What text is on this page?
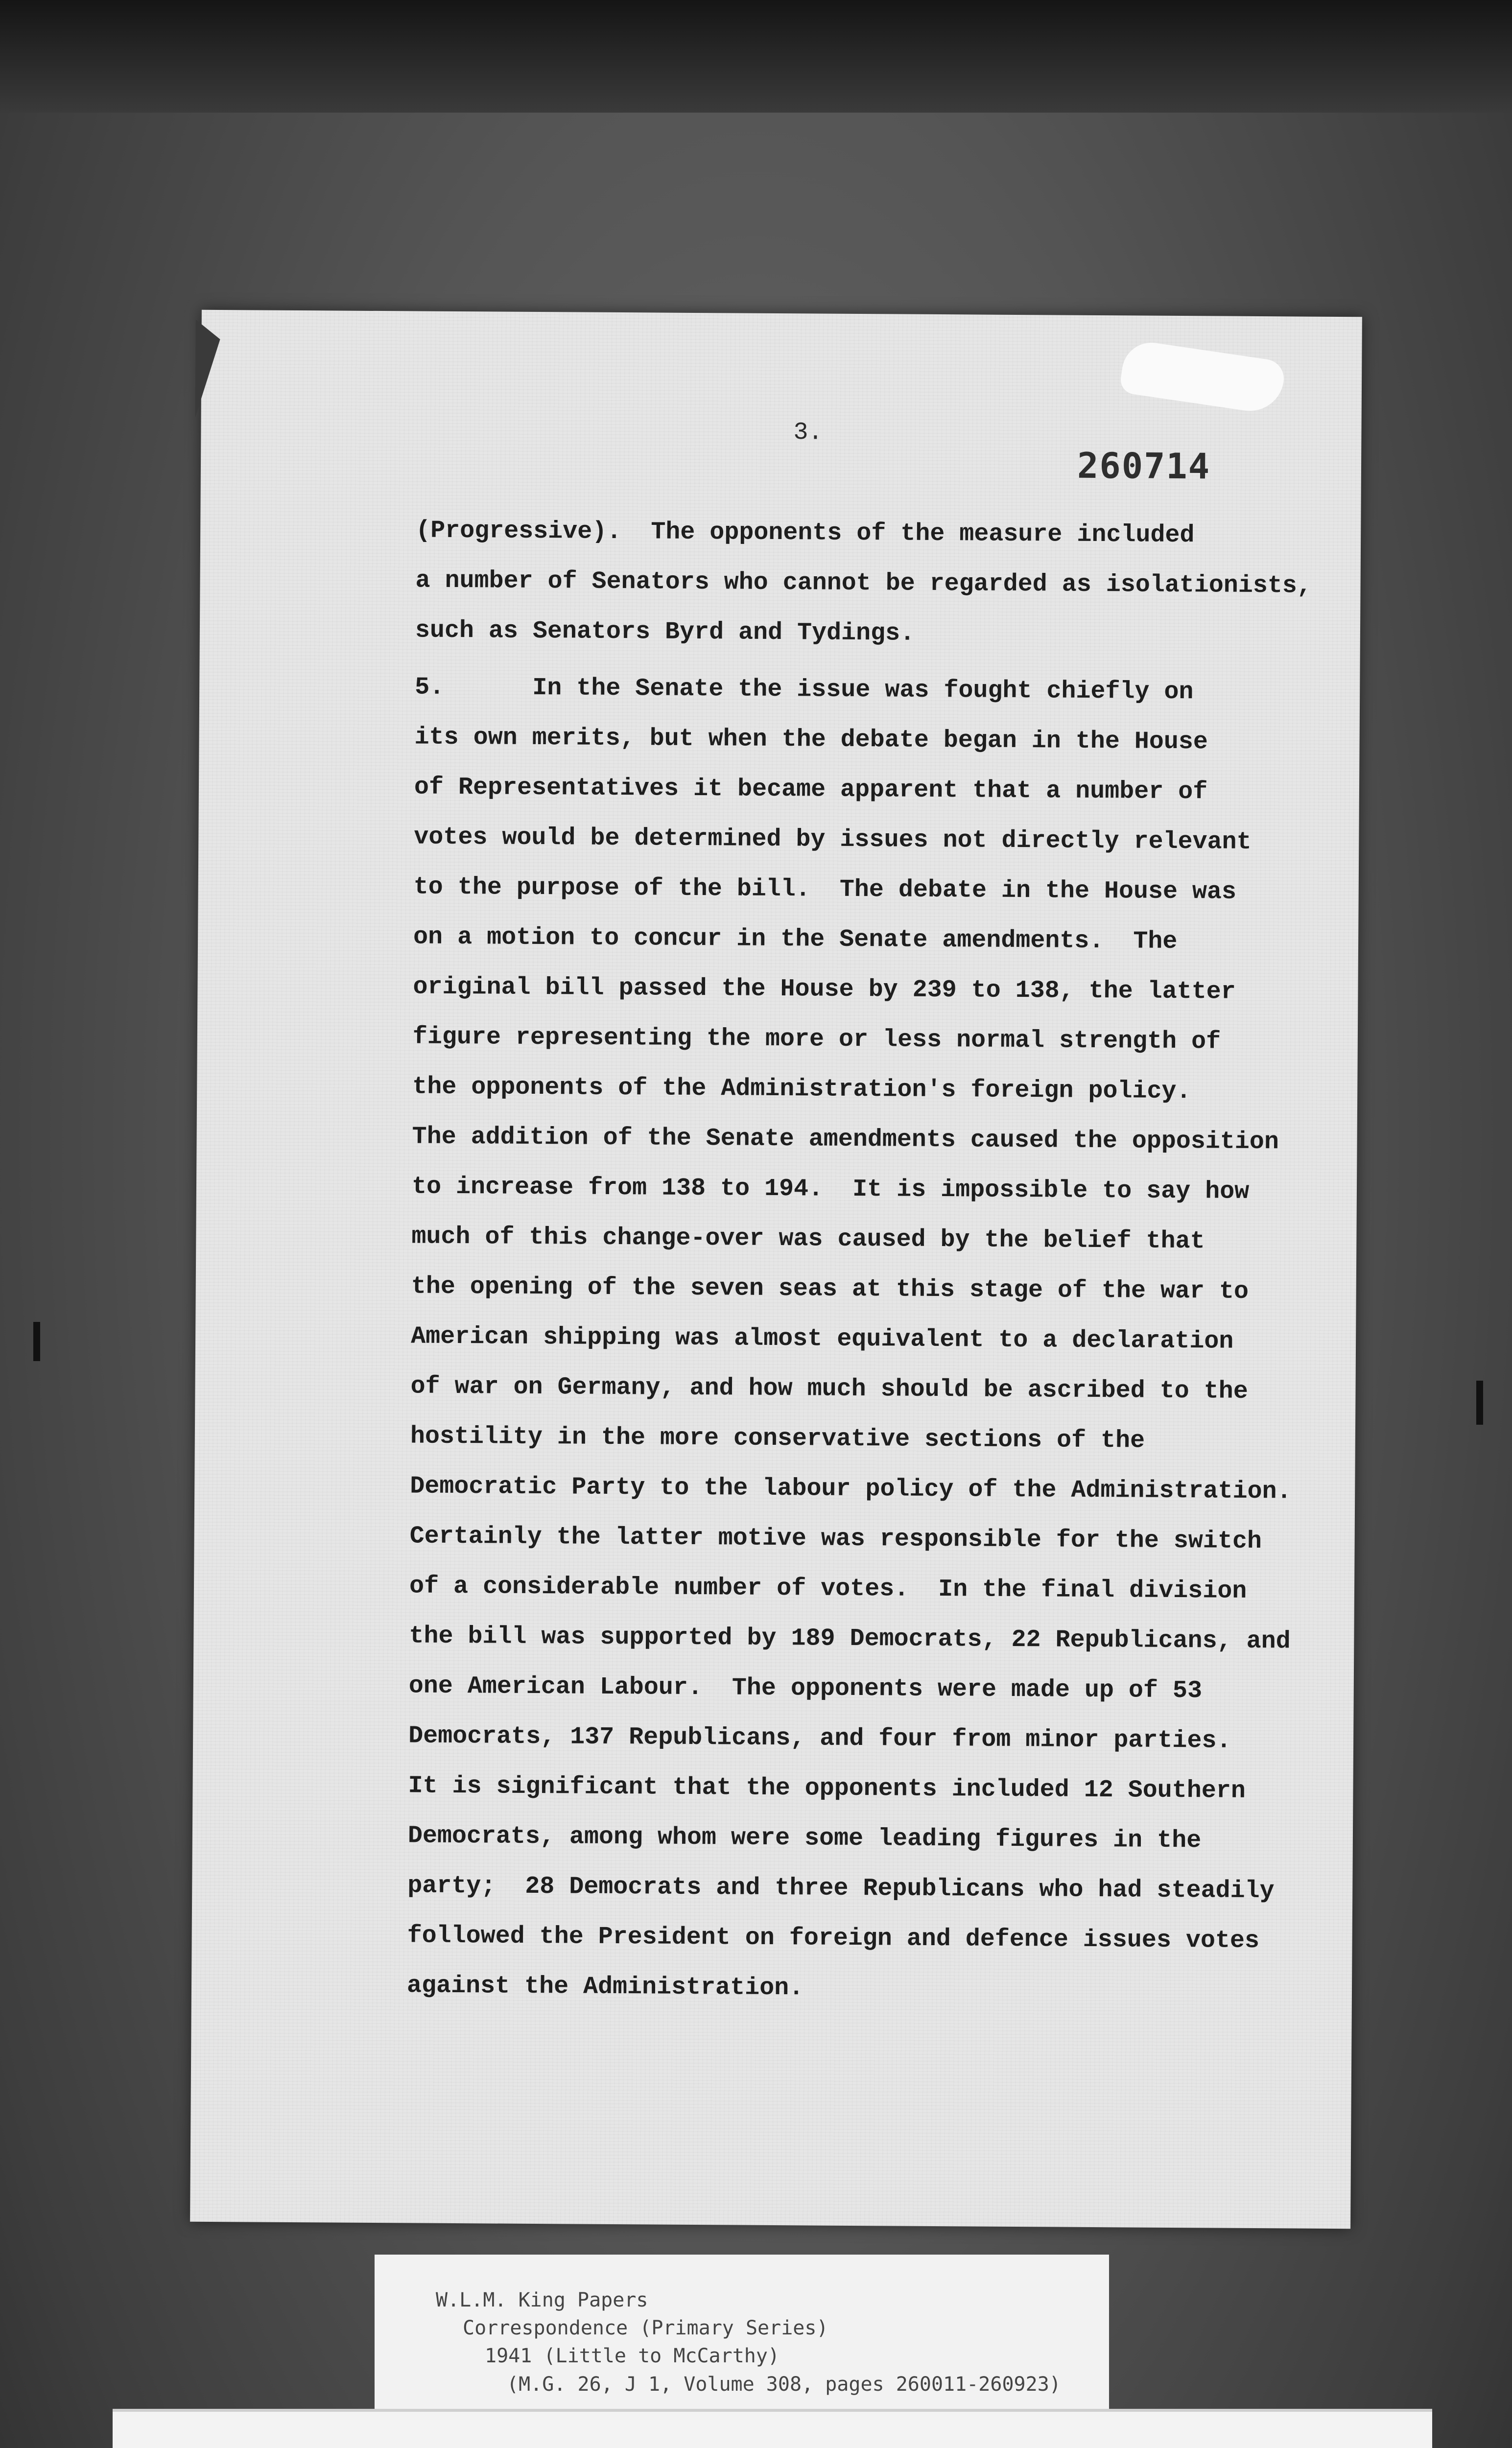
3.
260714
(Progressive).  The opponents of the measure included
a number of Senators who cannot be regarded as isolationists,
such as Senators Byrd and Tydings.
5.      In the Senate the issue was fought chiefly on
its own merits, but when the debate began in the House
of Representatives it became apparent that a number of
votes would be determined by issues not directly relevant
to the purpose of the bill.  The debate in the House was
on a motion to concur in the Senate amendments.  The
original bill passed the House by 239 to 138, the latter
figure representing the more or less normal strength of
the opponents of the Administration's foreign policy.
The addition of the Senate amendments caused the opposition
to increase from 138 to 194.  It is impossible to say how
much of this change-over was caused by the belief that
the opening of the seven seas at this stage of the war to
American shipping was almost equivalent to a declaration
of war on Germany, and how much should be ascribed to the
hostility in the more conservative sections of the
Democratic Party to the labour policy of the Administration.
Certainly the latter motive was responsible for the switch
of a considerable number of votes.  In the final division
the bill was supported by 189 Democrats, 22 Republicans, and
one American Labour.  The opponents were made up of 53
Democrats, 137 Republicans, and four from minor parties.
It is significant that the opponents included 12 Southern
Democrats, among whom were some leading figures in the
party;  28 Democrats and three Republicans who had steadily
followed the President on foreign and defence issues votes
against the Administration.
W.L.M. King Papers
Correspondence (Primary Series)
1941 (Little to McCarthy)
(M.G. 26, J 1, Volume 308, pages 260011-260923)
